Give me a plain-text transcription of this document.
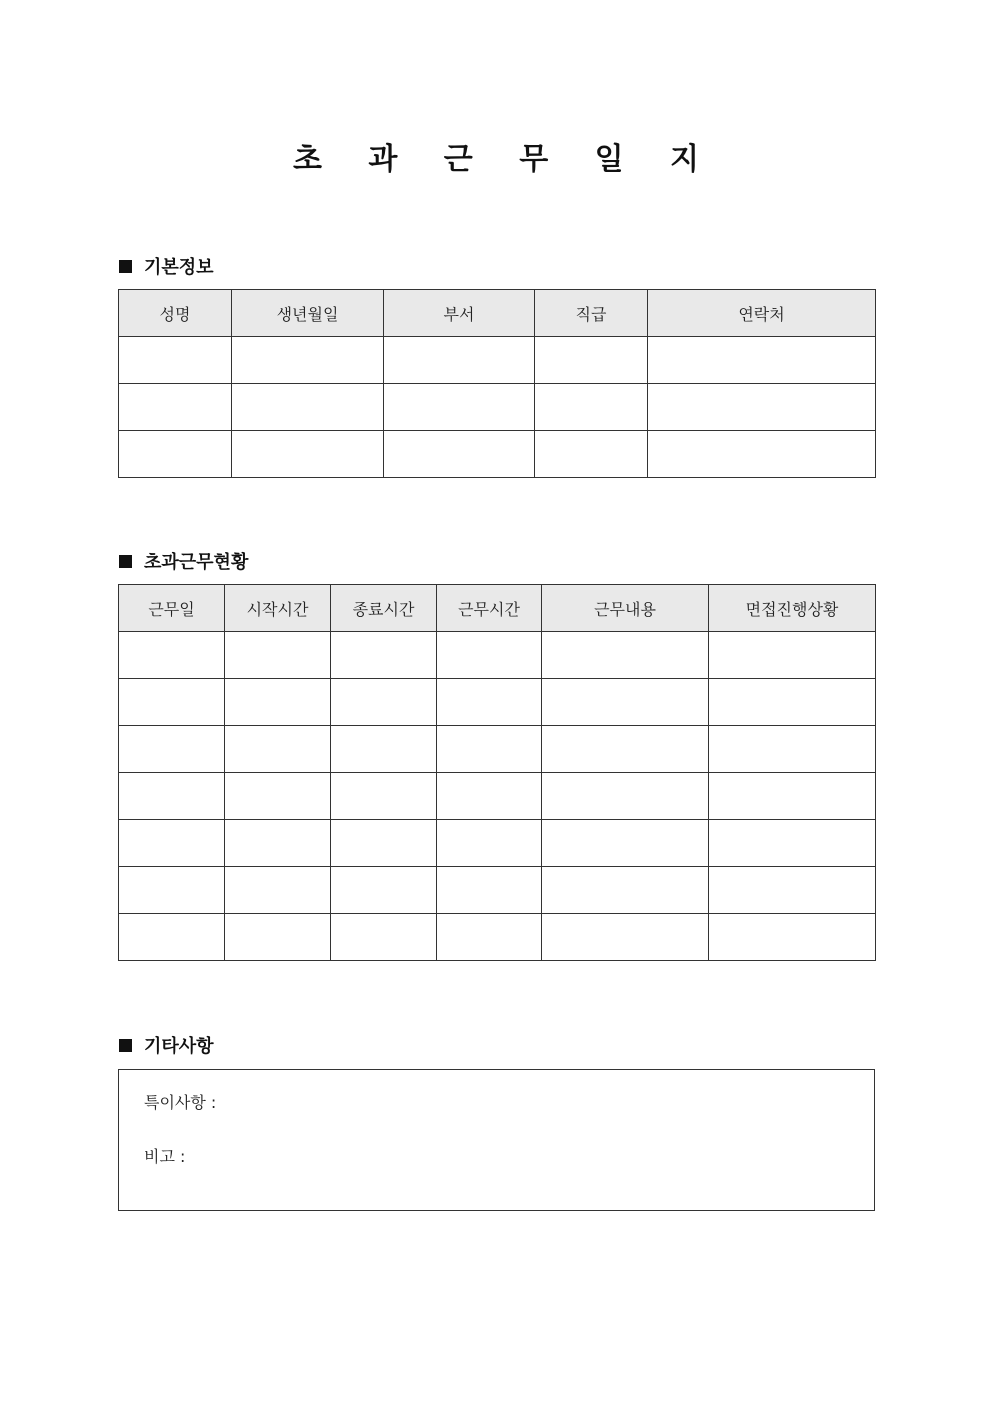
초 과 근 무 일 지
기본정보
성명	생년월일	부서	직급	연락처

초과근무현황
근무일	시작시간	종료시간	근무시간	근무내용	면접진행상황

기타사항
특이사항 :
비고 :
